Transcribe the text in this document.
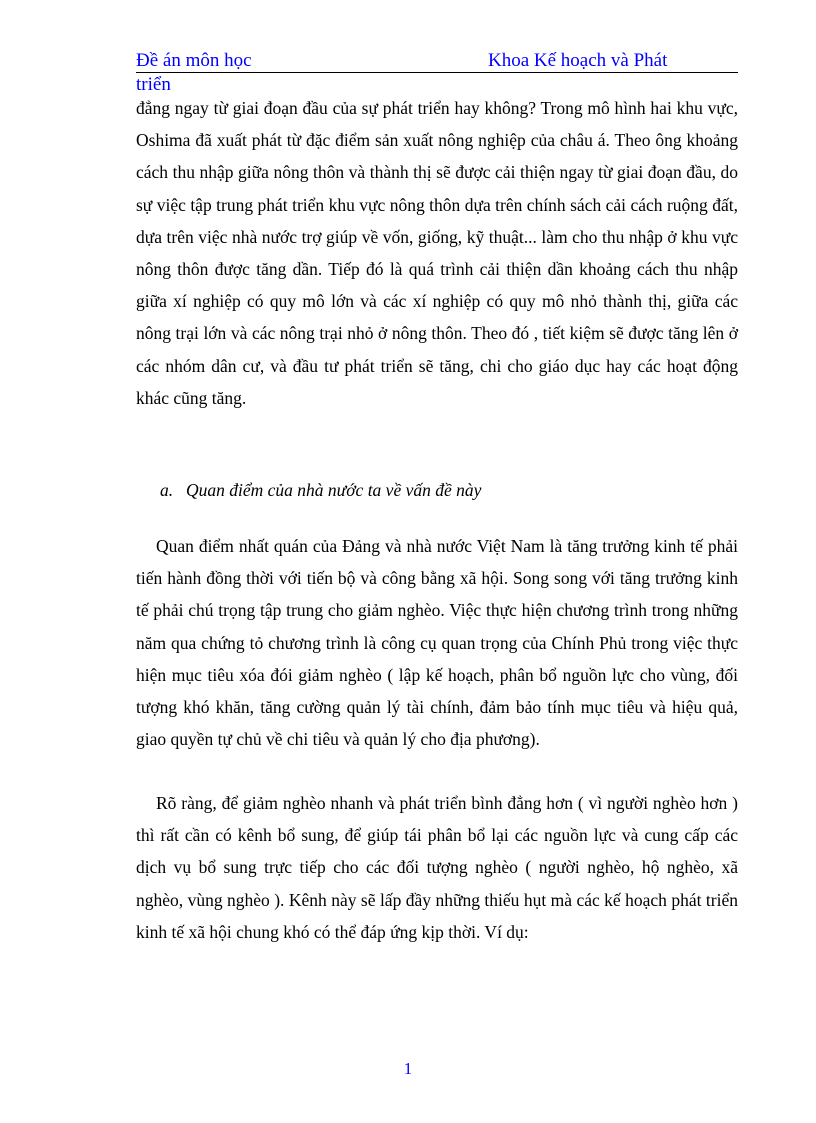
Đề án môn học	Khoa Kế hoạch và Phát
triển

đẳng ngay từ giai đoạn đầu của sự phát triển hay không? Trong mô hình hai khu vực, Oshima đã xuất phát từ đặc điểm sản xuất nông nghiệp của châu á. Theo ông khoảng cách thu nhập giữa nông thôn và thành thị sẽ được cải thiện ngay từ giai đoạn đầu, do sự việc tập trung phát triển khu vực nông thôn dựa trên chính sách cải cách ruộng đất, dựa trên việc nhà nước trợ giúp về vốn, giống, kỹ thuật... làm cho thu nhập ở khu vực nông thôn được tăng dần. Tiếp đó là quá trình cải thiện dần khoảng cách thu nhập giữa xí nghiệp có quy mô lớn và các xí nghiệp có quy mô nhỏ thành thị, giữa các nông trại lớn và các nông trại nhỏ ở nông thôn. Theo đó , tiết kiệm sẽ được tăng lên ở các nhóm dân cư, và đầu tư phát triển sẽ tăng, chi cho giáo dục hay các hoạt động khác cũng tăng.

a. Quan điểm của nhà nước ta về vấn đề này

Quan điểm nhất quán của Đảng và nhà nước Việt Nam là tăng trưởng kinh tế phải tiến hành đồng thời với tiến bộ và công bằng xã hội. Song song với tăng trưởng kinh tế phải chú trọng tập trung cho giảm nghèo. Việc thực hiện chương trình trong những năm qua chứng tỏ chương trình là công cụ quan trọng của Chính Phủ trong việc thực hiện mục tiêu xóa đói giảm nghèo ( lập kế hoạch, phân bổ nguồn lực cho vùng, đối tượng khó khăn, tăng cường quản lý tài chính, đảm bảo tính mục tiêu và hiệu quả, giao quyền tự chủ về chi tiêu và quản lý cho địa phương).

Rõ ràng, để giảm nghèo nhanh và phát triển bình đẳng hơn ( vì người nghèo hơn ) thì rất cần có kênh bổ sung, để giúp tái phân bổ lại các nguồn lực và cung cấp các dịch vụ bổ sung trực tiếp cho các đối tượng nghèo ( người nghèo, hộ nghèo, xã nghèo, vùng nghèo ). Kênh này sẽ lấp đầy những thiếu hụt mà các kế hoạch phát triển kinh tế xã hội chung khó có thể đáp ứng kịp thời. Ví dụ:

1
